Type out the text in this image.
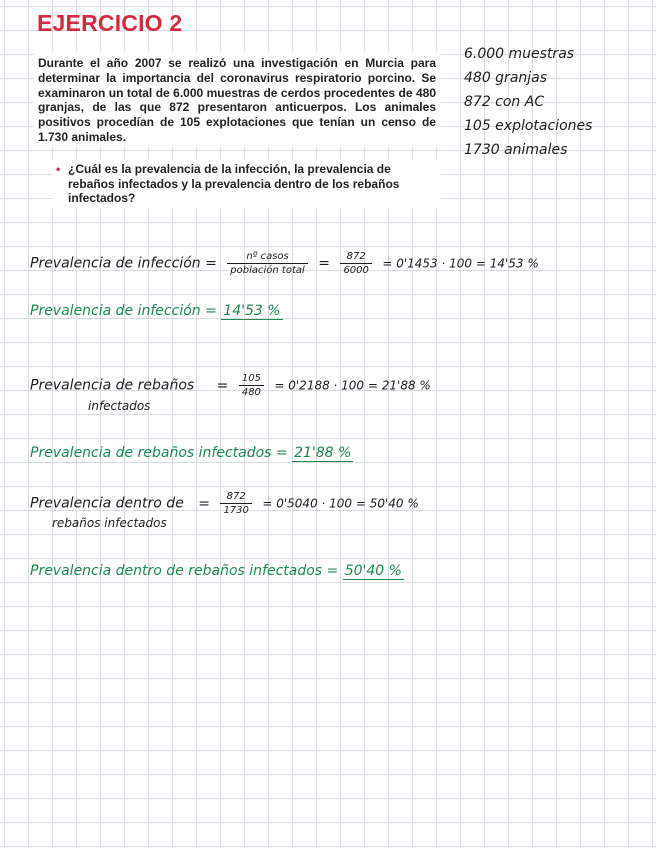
EJERCICIO 2

Durante el año 2007 se realizó una investigación en Murcia para determinar la importancia del coronavirus respiratorio porcino. Se examinaron un total de 6.000 muestras de cerdos procedentes de 480 granjas, de las que 872 presentaron anticuerpos. Los animales positivos procedían de 105 explotaciones que tenían un censo de 1.730 animales.

• ¿Cuál es la prevalencia de la infección, la prevalencia de rebaños infectados y la prevalencia dentro de los rebaños infectados?

6.000 muestras
480 granjas
872 con AC
105 explotaciones
1730 animales
Prevalencia de infección = $\frac{\text{nº casos}}{\text{población total}} = \frac{872}{6000} = 0'1453 \cdot 100 = 14'53$ %
Prevalencia de infección = 14'53 %
Prevalencia de rebaños = $\frac{105}{480} = 0'2188 \cdot 100 = 21'88$ %
infectados
Prevalencia de rebaños infectados = 21'88 %
Prevalencia dentro de = $\frac{872}{1730} = 0'5040 \cdot 100 = 50'40$ %
rebaños infectados
Prevalencia dentro de rebaños infectados = 50'40 %
